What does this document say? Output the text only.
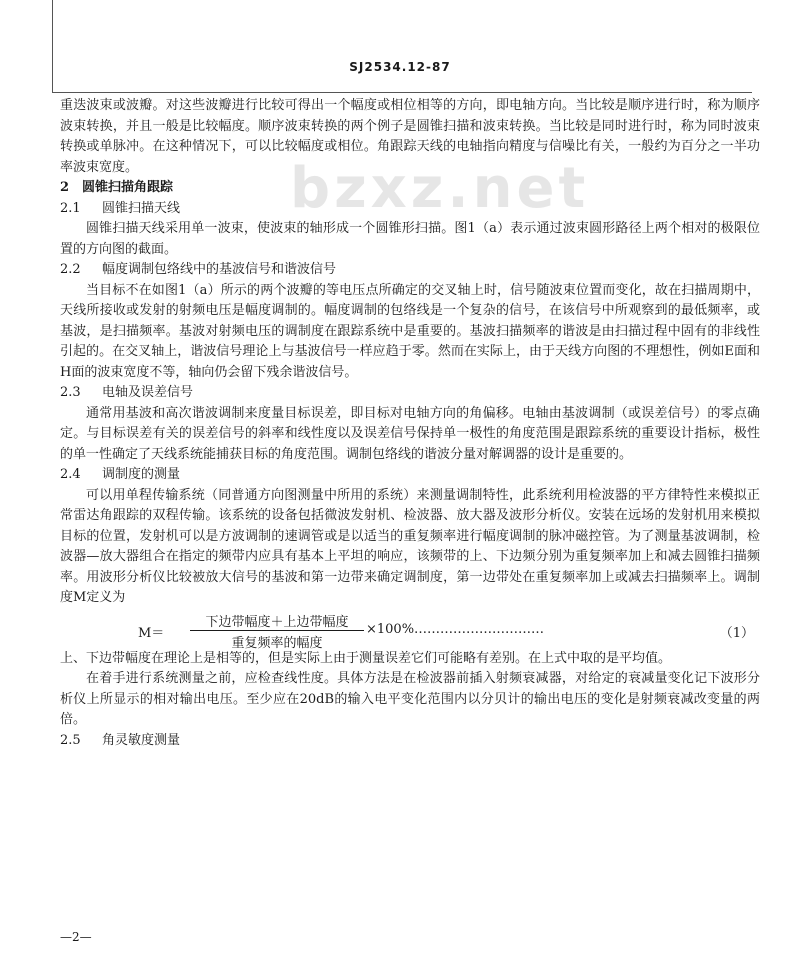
SJ2534.12-87
bzxz.net

重迭波束或波瓣。对这些波瓣进行比较可得出一个幅度或相位相等的方向，即电轴方向。当比较是顺序进行时，称为顺序波束转换，并且一般是比较幅度。顺序波束转换的两个例子是圆锥扫描和波束转换。当比较是同时进行时，称为同时波束转换或单脉冲。在这种情况下，可以比较幅度或相位。角跟踪天线的电轴指向精度与信噪比有关，一般约为百分之一半功率波束宽度。

2 圆锥扫描角跟踪
2.1 圆锥扫描天线

圆锥扫描天线采用单一波束，使波束的轴形成一个圆锥形扫描。图1（a）表示通过波束圆形路径上两个相对的极限位置的方向图的截面。

2.2 幅度调制包络线中的基波信号和谐波信号

当目标不在如图1（a）所示的两个波瓣的等电压点所确定的交叉轴上时，信号随波束位置而变化，故在扫描周期中，天线所接收或发射的射频电压是幅度调制的。幅度调制的包络线是一个复杂的信号，在该信号中所观察到的最低频率，或基波，是扫描频率。基波对射频电压的调制度在跟踪系统中是重要的。基波扫描频率的谐波是由扫描过程中固有的非线性引起的。在交叉轴上，谐波信号理论上与基波信号一样应趋于零。然而在实际上，由于天线方向图的不理想性，例如E面和H面的波束宽度不等，轴向仍会留下残余谐波信号。

2.3 电轴及误差信号

通常用基波和高次谐波调制来度量目标误差，即目标对电轴方向的角偏移。电轴由基波调制（或误差信号）的零点确定。与目标误差有关的误差信号的斜率和线性度以及误差信号保持单一极性的角度范围是跟踪系统的重要设计指标，极性的单一性确定了天线系统能捕获目标的角度范围。调制包络线的谐波分量对解调器的设计是重要的。

2.4 调制度的测量

可以用单程传输系统（同普通方向图测量中所用的系统）来测量调制特性，此系统利用检波器的平方律特性来模拟正常雷达角跟踪的双程传输。该系统的设备包括微波发射机、检波器、放大器及波形分析仪。安装在远场的发射机用来模拟目标的位置，发射机可以是方波调制的速调管或是以适当的重复频率进行幅度调制的脉冲磁控管。为了测量基波调制，检波器—放大器组合在指定的频带内应具有基本上平坦的响应，该频带的上、下边频分别为重复频率加上和减去圆锥扫描频率。用波形分析仪比较被放大信号的基波和第一边带来确定调制度，第一边带处在重复频率加上或减去扫描频率上。调制度M定义为

M＝
下边带幅度＋上边带幅度
重复频率的幅度
×100%…………………………	（1）

上、下边带幅度在理论上是相等的，但是实际上由于测量误差它们可能略有差别。在上式中取的是平均值。

在着手进行系统测量之前，应检查线性度。具体方法是在检波器前插入射频衰减器，对给定的衰减量变化记下波形分析仪上所显示的相对输出电压。至少应在20dB的输入电平变化范围内以分贝计的输出电压的变化是射频衰减改变量的两倍。

2.5 角灵敏度测量
—2—
